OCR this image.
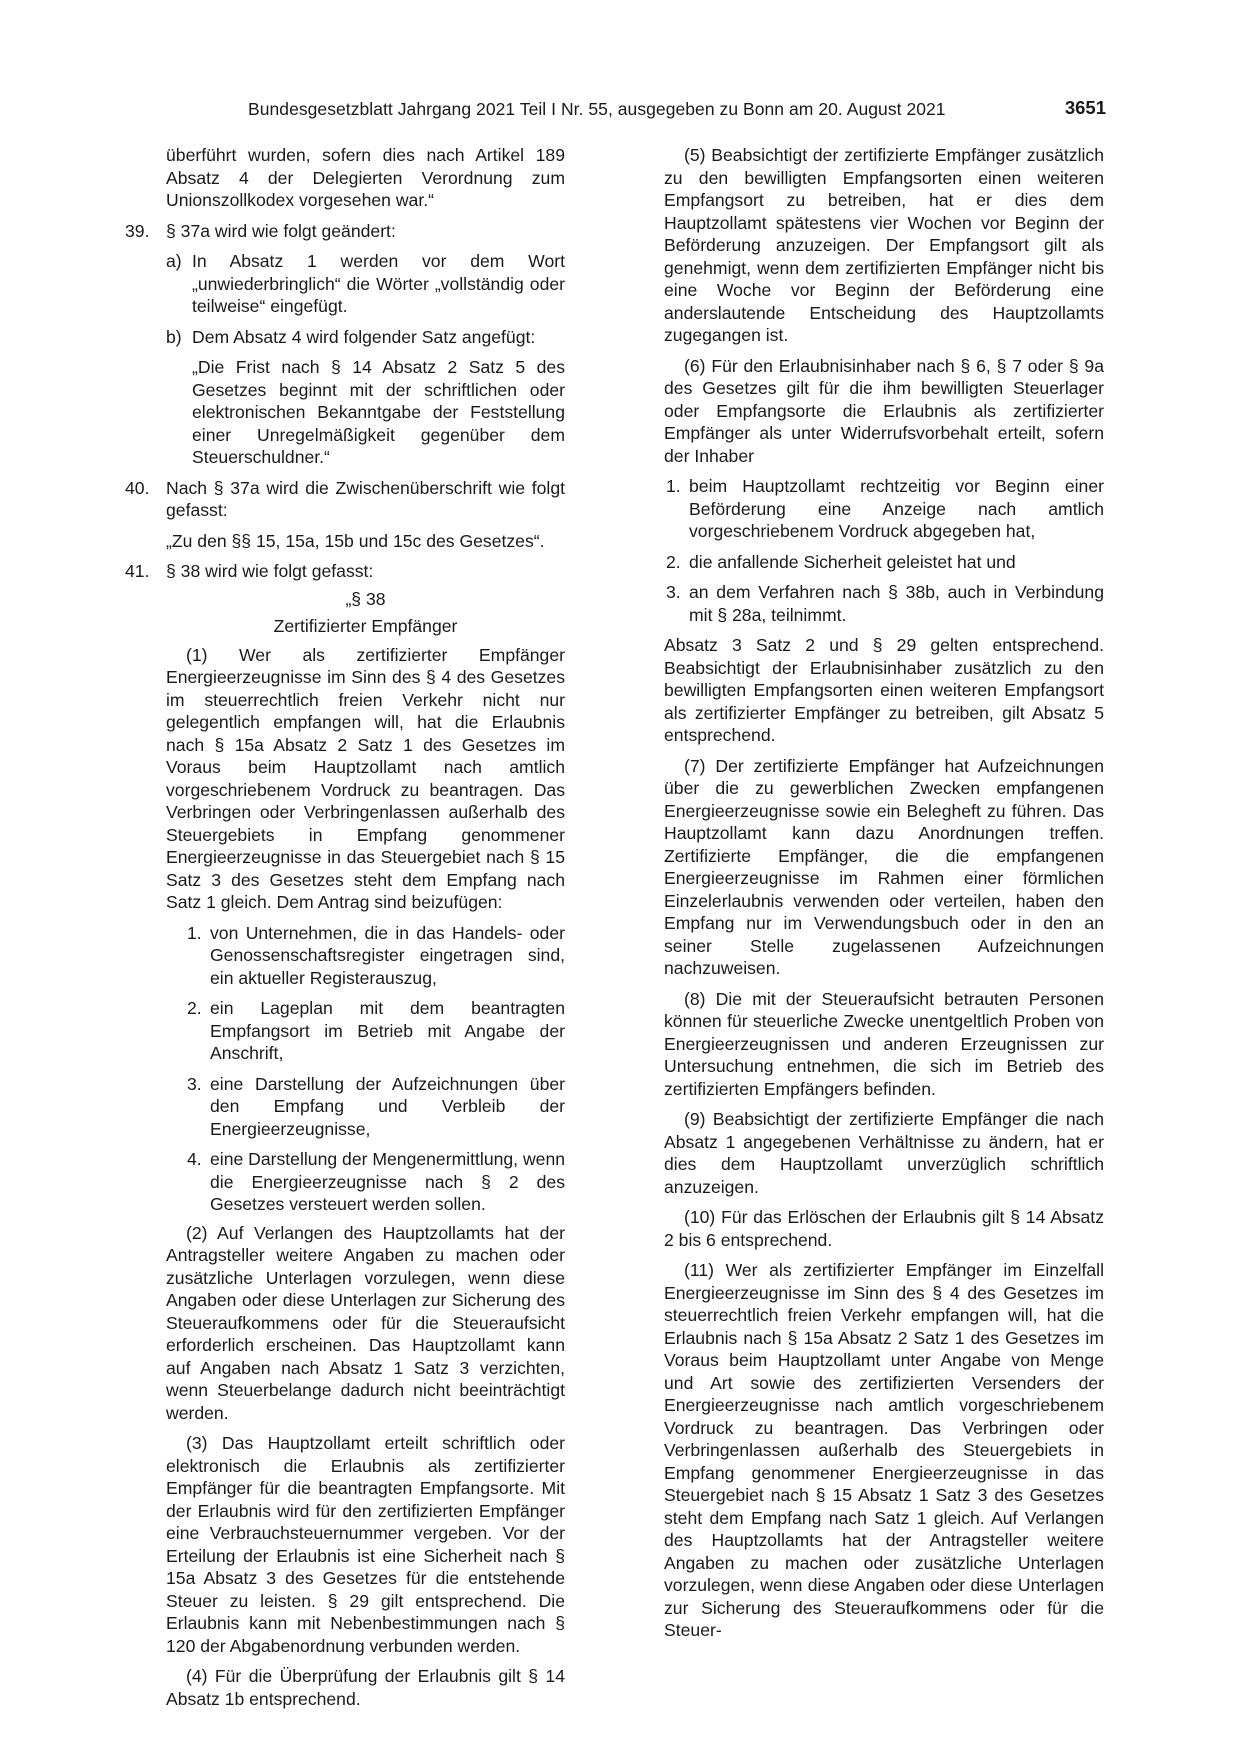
Bundesgesetzblatt Jahrgang 2021 Teil I Nr. 55, ausgegeben zu Bonn am 20. August 2021	3651

überführt wurden, sofern dies nach Artikel 189 Absatz 4 der Delegierten Verordnung zum Unionszollkodex vorgesehen war.“

39. § 37a wird wie folgt geändert:
a) In Absatz 1 werden vor dem Wort „unwiederbringlich“ die Wörter „vollständig oder teilweise“ eingefügt.
b) Dem Absatz 4 wird folgender Satz angefügt:

„Die Frist nach § 14 Absatz 2 Satz 5 des Gesetzes beginnt mit der schriftlichen oder elektronischen Bekanntgabe der Feststellung einer Unregelmäßigkeit gegenüber dem Steuerschuldner.“

40. Nach § 37a wird die Zwischenüberschrift wie folgt gefasst:

„Zu den §§ 15, 15a, 15b und 15c des Gesetzes“.

41. § 38 wird wie folgt gefasst:

„§ 38

Zertifizierter Empfänger

(1) Wer als zertifizierter Empfänger Energieerzeugnisse im Sinn des § 4 des Gesetzes im steuerrechtlich freien Verkehr nicht nur gelegentlich empfangen will, hat die Erlaubnis nach § 15a Absatz 2 Satz 1 des Gesetzes im Voraus beim Hauptzollamt nach amtlich vorgeschriebenem Vordruck zu beantragen. Das Verbringen oder Verbringenlassen außerhalb des Steuergebiets in Empfang genommener Energieerzeugnisse in das Steuergebiet nach § 15 Satz 3 des Gesetzes steht dem Empfang nach Satz 1 gleich. Dem Antrag sind beizufügen:

1. von Unternehmen, die in das Handels- oder Genossenschaftsregister eingetragen sind, ein aktueller Registerauszug,
2. ein Lageplan mit dem beantragten Empfangsort im Betrieb mit Angabe der Anschrift,
3. eine Darstellung der Aufzeichnungen über den Empfang und Verbleib der Energieerzeugnisse,
4. eine Darstellung der Mengenermittlung, wenn die Energieerzeugnisse nach § 2 des Gesetzes versteuert werden sollen.

(2) Auf Verlangen des Hauptzollamts hat der Antragsteller weitere Angaben zu machen oder zusätzliche Unterlagen vorzulegen, wenn diese Angaben oder diese Unterlagen zur Sicherung des Steueraufkommens oder für die Steueraufsicht erforderlich erscheinen. Das Hauptzollamt kann auf Angaben nach Absatz 1 Satz 3 verzichten, wenn Steuerbelange dadurch nicht beeinträchtigt werden.

(3) Das Hauptzollamt erteilt schriftlich oder elektronisch die Erlaubnis als zertifizierter Empfänger für die beantragten Empfangsorte. Mit der Erlaubnis wird für den zertifizierten Empfänger eine Verbrauchsteuernummer vergeben. Vor der Erteilung der Erlaubnis ist eine Sicherheit nach § 15a Absatz 3 des Gesetzes für die entstehende Steuer zu leisten. § 29 gilt entsprechend. Die Erlaubnis kann mit Nebenbestimmungen nach § 120 der Abgabenordnung verbunden werden.

(4) Für die Überprüfung der Erlaubnis gilt § 14 Absatz 1b entsprechend.

(5) Beabsichtigt der zertifizierte Empfänger zusätzlich zu den bewilligten Empfangsorten einen weiteren Empfangsort zu betreiben, hat er dies dem Hauptzollamt spätestens vier Wochen vor Beginn der Beförderung anzuzeigen. Der Empfangsort gilt als genehmigt, wenn dem zertifizierten Empfänger nicht bis eine Woche vor Beginn der Beförderung eine anderslautende Entscheidung des Hauptzollamts zugegangen ist.

(6) Für den Erlaubnisinhaber nach § 6, § 7 oder § 9a des Gesetzes gilt für die ihm bewilligten Steuerlager oder Empfangsorte die Erlaubnis als zertifizierter Empfänger als unter Widerrufsvorbehalt erteilt, sofern der Inhaber

1. beim Hauptzollamt rechtzeitig vor Beginn einer Beförderung eine Anzeige nach amtlich vorgeschriebenem Vordruck abgegeben hat,
2. die anfallende Sicherheit geleistet hat und
3. an dem Verfahren nach § 38b, auch in Verbindung mit § 28a, teilnimmt.

Absatz 3 Satz 2 und § 29 gelten entsprechend. Beabsichtigt der Erlaubnisinhaber zusätzlich zu den bewilligten Empfangsorten einen weiteren Empfangsort als zertifizierter Empfänger zu betreiben, gilt Absatz 5 entsprechend.

(7) Der zertifizierte Empfänger hat Aufzeichnungen über die zu gewerblichen Zwecken empfangenen Energieerzeugnisse sowie ein Belegheft zu führen. Das Hauptzollamt kann dazu Anordnungen treffen. Zertifizierte Empfänger, die die empfangenen Energieerzeugnisse im Rahmen einer förmlichen Einzelerlaubnis verwenden oder verteilen, haben den Empfang nur im Verwendungsbuch oder in den an seiner Stelle zugelassenen Aufzeichnungen nachzuweisen.

(8) Die mit der Steueraufsicht betrauten Personen können für steuerliche Zwecke unentgeltlich Proben von Energieerzeugnissen und anderen Erzeugnissen zur Untersuchung entnehmen, die sich im Betrieb des zertifizierten Empfängers befinden.

(9) Beabsichtigt der zertifizierte Empfänger die nach Absatz 1 angegebenen Verhältnisse zu ändern, hat er dies dem Hauptzollamt unverzüglich schriftlich anzuzeigen.

(10) Für das Erlöschen der Erlaubnis gilt § 14 Absatz 2 bis 6 entsprechend.

(11) Wer als zertifizierter Empfänger im Einzelfall Energieerzeugnisse im Sinn des § 4 des Gesetzes im steuerrechtlich freien Verkehr empfangen will, hat die Erlaubnis nach § 15a Absatz 2 Satz 1 des Gesetzes im Voraus beim Hauptzollamt unter Angabe von Menge und Art sowie des zertifizierten Versenders der Energieerzeugnisse nach amtlich vorgeschriebenem Vordruck zu beantragen. Das Verbringen oder Verbringenlassen außerhalb des Steuergebiets in Empfang genommener Energieerzeugnisse in das Steuergebiet nach § 15 Absatz 1 Satz 3 des Gesetzes steht dem Empfang nach Satz 1 gleich. Auf Verlangen des Hauptzollamts hat der Antragsteller weitere Angaben zu machen oder zusätzliche Unterlagen vorzulegen, wenn diese Angaben oder diese Unterlagen zur Sicherung des Steueraufkommens oder für die Steuer-
